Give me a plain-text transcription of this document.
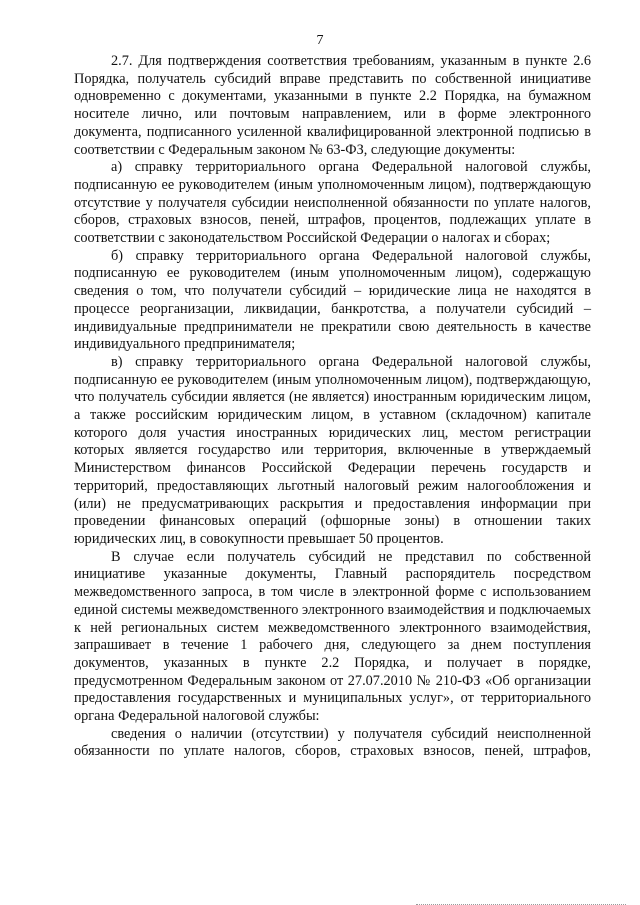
7

2.7. Для подтверждения соответствия требованиям, указанным в пункте 2.6 Порядка, получатель субсидий вправе представить по собственной инициативе одновременно с документами, указанными в пункте 2.2 Порядка, на бумажном носителе лично, или почтовым направлением, или в форме электронного документа, подписанного усиленной квалифицированной электронной подписью в соответствии с Федеральным законом № 63-ФЗ, следующие документы:

а) справку территориального органа Федеральной налоговой службы, подписанную ее руководителем (иным уполномоченным лицом), подтверждающую отсутствие у получателя субсидии неисполненной обязанности по уплате налогов, сборов, страховых взносов, пеней, штрафов, процентов, подлежащих уплате в соответствии с законодательством Российской Федерации о налогах и сборах;

б) справку территориального органа Федеральной налоговой службы, подписанную ее руководителем (иным уполномоченным лицом), содержащую сведения о том, что получатели субсидий – юридические лица не находятся в процессе реорганизации, ликвидации, банкротства, а получатели субсидий – индивидуальные предприниматели не прекратили свою деятельность в качестве индивидуального предпринимателя;

в) справку территориального органа Федеральной налоговой службы, подписанную ее руководителем (иным уполномоченным лицом), подтверждающую, что получатель субсидии является (не является) иностранным юридическим лицом, а также российским юридическим лицом, в уставном (складочном) капитале которого доля участия иностранных юридических лиц, местом регистрации которых является государство или территория, включенные в утверждаемый Министерством финансов Российской Федерации перечень государств и территорий, предоставляющих льготный налоговый режим налогообложения и (или) не предусматривающих раскрытия и предоставления информации при проведении финансовых операций (офшорные зоны) в отношении таких юридических лиц, в совокупности превышает 50 процентов.

В случае если получатель субсидий не представил по собственной инициативе указанные документы, Главный распорядитель посредством межведомственного запроса, в том числе в электронной форме с использованием единой системы межведомственного электронного взаимодействия и подключаемых к ней региональных систем межведомственного электронного взаимодействия, запрашивает в течение 1 рабочего дня, следующего за днем поступления документов, указанных в пункте 2.2 Порядка, и получает в порядке, предусмотренном Федеральным законом от 27.07.2010 № 210-ФЗ «Об организации предоставления государственных и муниципальных услуг», от территориального органа Федеральной налоговой службы:

сведения о наличии (отсутствии) у получателя субсидий неисполненной обязанности по уплате налогов, сборов, страховых взносов, пеней, штрафов,
